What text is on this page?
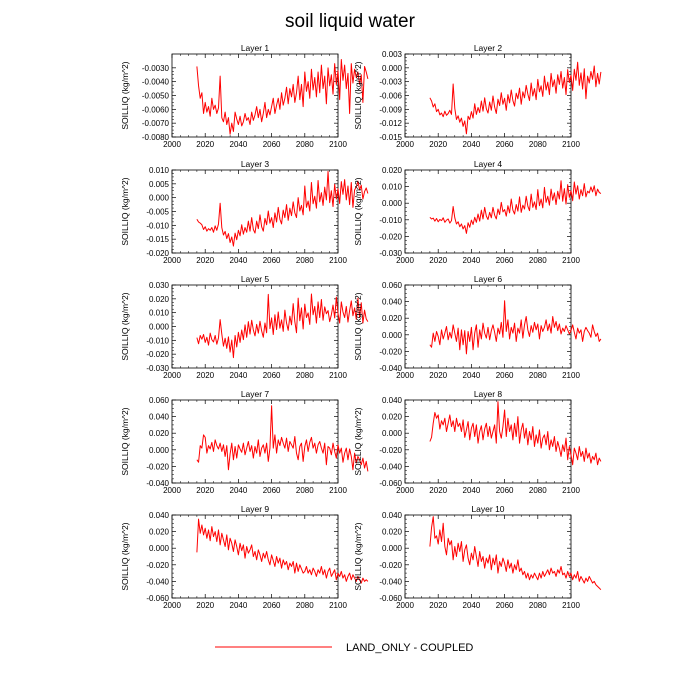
soil liquid water
Layer 1
SOILLIQ (kg/m^2)
2000 2020 2040 2060 2080 2100
-0.0080
-0.0070
-0.0060
-0.0050
-0.0040
-0.0030
Layer 2
SOILLIQ (kg/m^2)
2000 2020 2040 2060 2080 2100
-0.015
-0.012
-0.009
-0.006
-0.003
0.000
0.003
Layer 3
SOILLIQ (kg/m^2)
2000 2020 2040 2060 2080 2100
-0.020
-0.015
-0.010
-0.005
0.000
0.005
0.010
Layer 4
SOILLIQ (kg/m^2)
2000 2020 2040 2060 2080 2100
-0.030
-0.020
-0.010
0.000
0.010
0.020
Layer 5
SOILLIQ (kg/m^2)
2000 2020 2040 2060 2080 2100
-0.030
-0.020
-0.010
0.000
0.010
0.020
0.030
Layer 6
SOILLIQ (kg/m^2)
2000 2020 2040 2060 2080 2100
-0.040
-0.020
0.000
0.020
0.040
0.060
Layer 7
SOILLIQ (kg/m^2)
2000 2020 2040 2060 2080 2100
-0.040
-0.020
0.000
0.020
0.040
0.060
Layer 8
SOILLIQ (kg/m^2)
2000 2020 2040 2060 2080 2100
-0.060
-0.040
-0.020
0.000
0.020
0.040
Layer 9
SOILLIQ (kg/m^2)
2000 2020 2040 2060 2080 2100
-0.060
-0.040
-0.020
0.000
0.020
0.040
Layer 10
SOILLIQ (kg/m^2)
2000 2020 2040 2060 2080 2100
-0.060
-0.040
-0.020
0.000
0.020
0.040
LAND_ONLY - COUPLED
